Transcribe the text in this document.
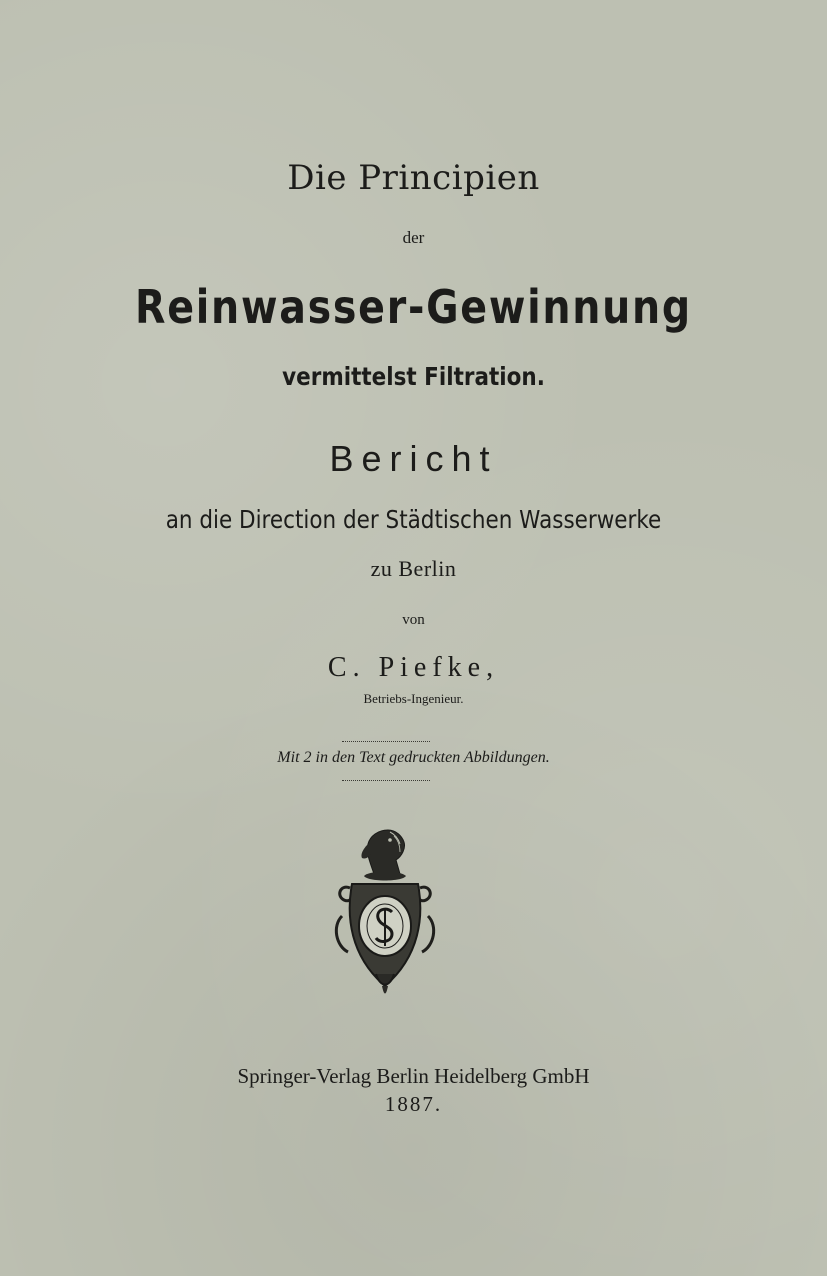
Die Principien
der
Reinwasser-Gewinnung
vermittelst Filtration.
Bericht
an die Direction der Städtischen Wasserwerke
zu Berlin
von
C. Piefke,
Betriebs-Ingenieur.
Mit 2 in den Text gedruckten Abbildungen.
Springer-Verlag Berlin Heidelberg GmbH
1887.
